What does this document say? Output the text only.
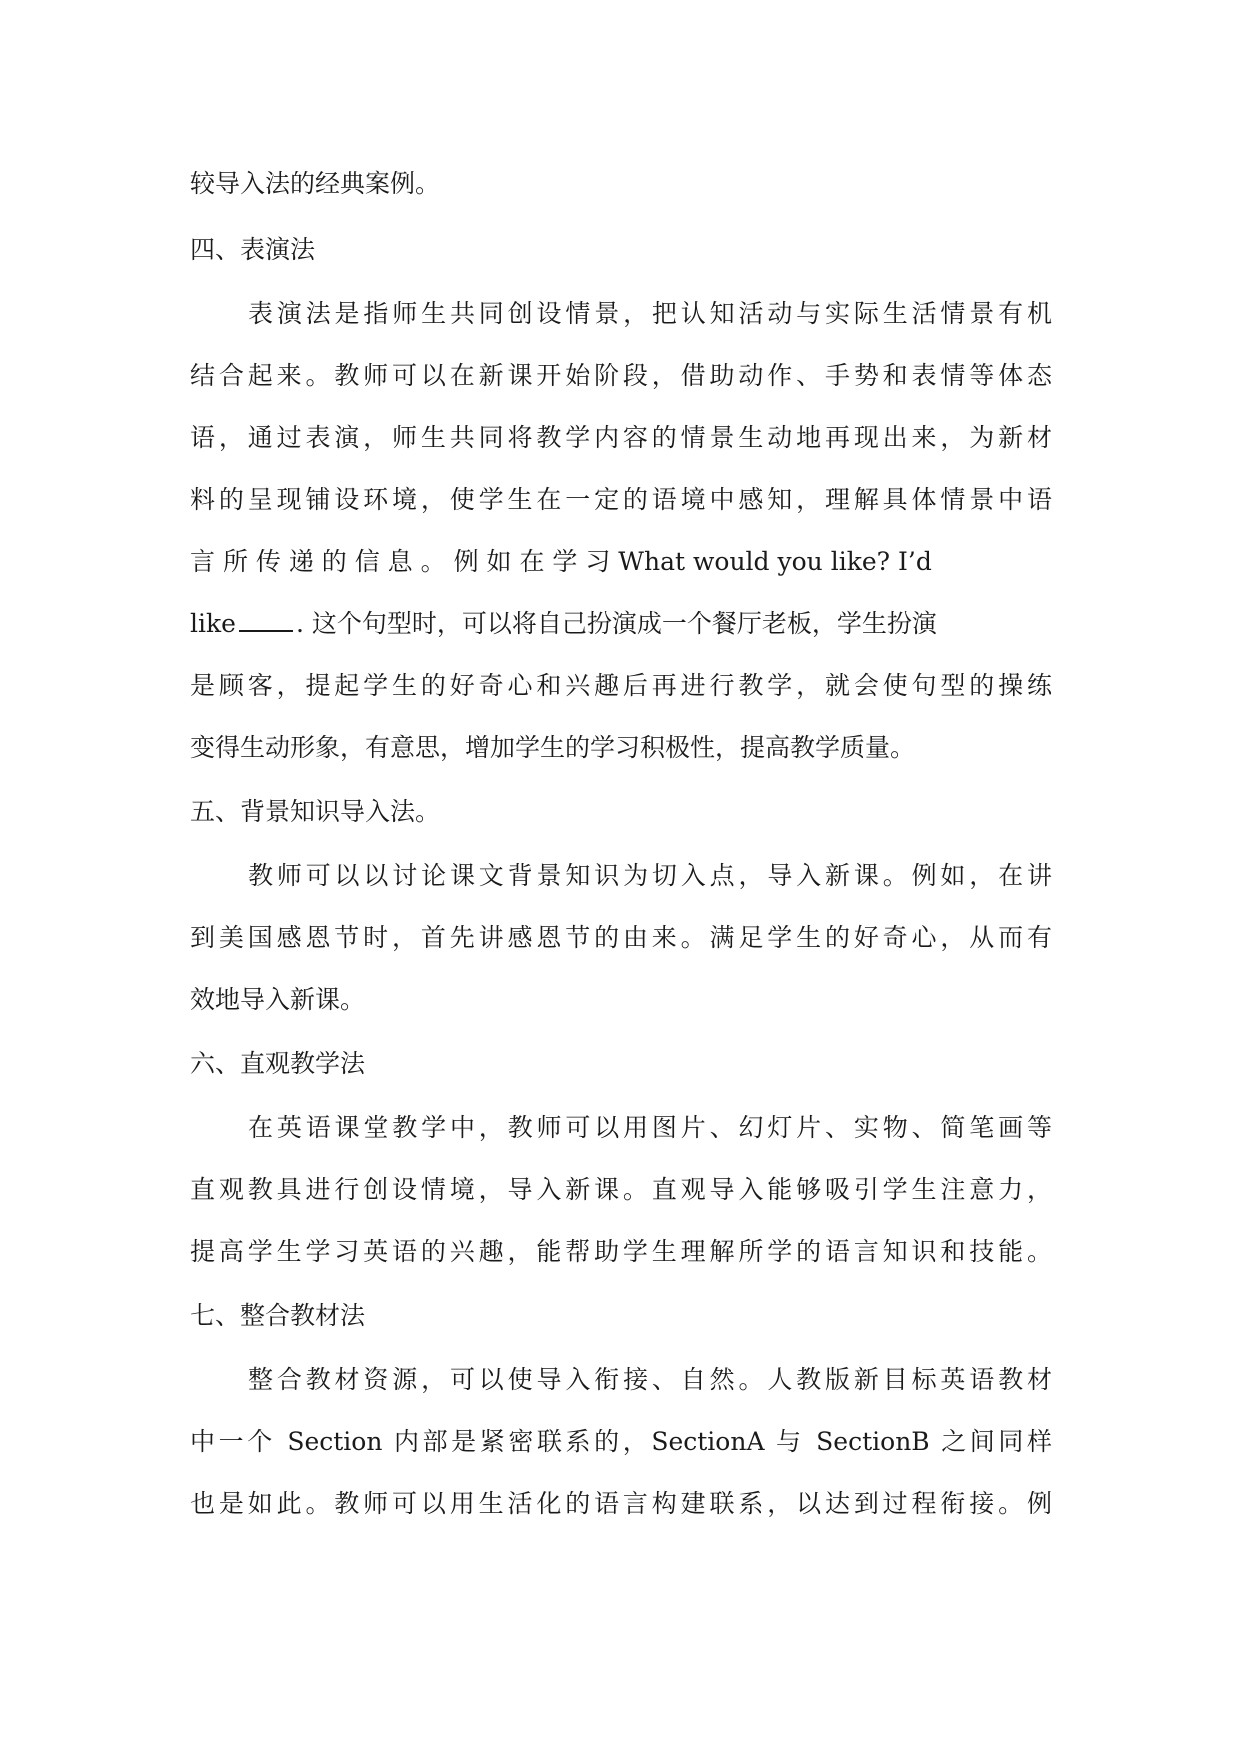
较导入法的经典案例。
四、表演法
表演法是指师生共同创设情景，把认知活动与实际生活情景有机
结合起来。教师可以在新课开始阶段，借助动作、手势和表情等体态
语，通过表演，师生共同将教学内容的情景生动地再现出来，为新材
料的呈现铺设环境，使学生在一定的语境中感知，理解具体情景中语
言 所 传 递 的 信 息 。 例 如 在 学 习 What would you like? I’d
like . 这个句型时，可以将自己扮演成一个餐厅老板，学生扮演
是顾客，提起学生的好奇心和兴趣后再进行教学，就会使句型的操练
变得生动形象，有意思，增加学生的学习积极性，提高教学质量。
五、背景知识导入法。
教师可以以讨论课文背景知识为切入点，导入新课。例如，在讲
到美国感恩节时，首先讲感恩节的由来。满足学生的好奇心，从而有
效地导入新课。
六、直观教学法
在英语课堂教学中，教师可以用图片、幻灯片、实物、简笔画等
直观教具进行创设情境，导入新课。直观导入能够吸引学生注意力，
提高学生学习英语的兴趣，能帮助学生理解所学的语言知识和技能。
七、整合教材法
整合教材资源，可以使导入衔接、自然。人教版新目标英语教材
中一个 Section 内部是紧密联系的，SectionA 与 SectionB 之间同样
也是如此。教师可以用生活化的语言构建联系，以达到过程衔接。例
